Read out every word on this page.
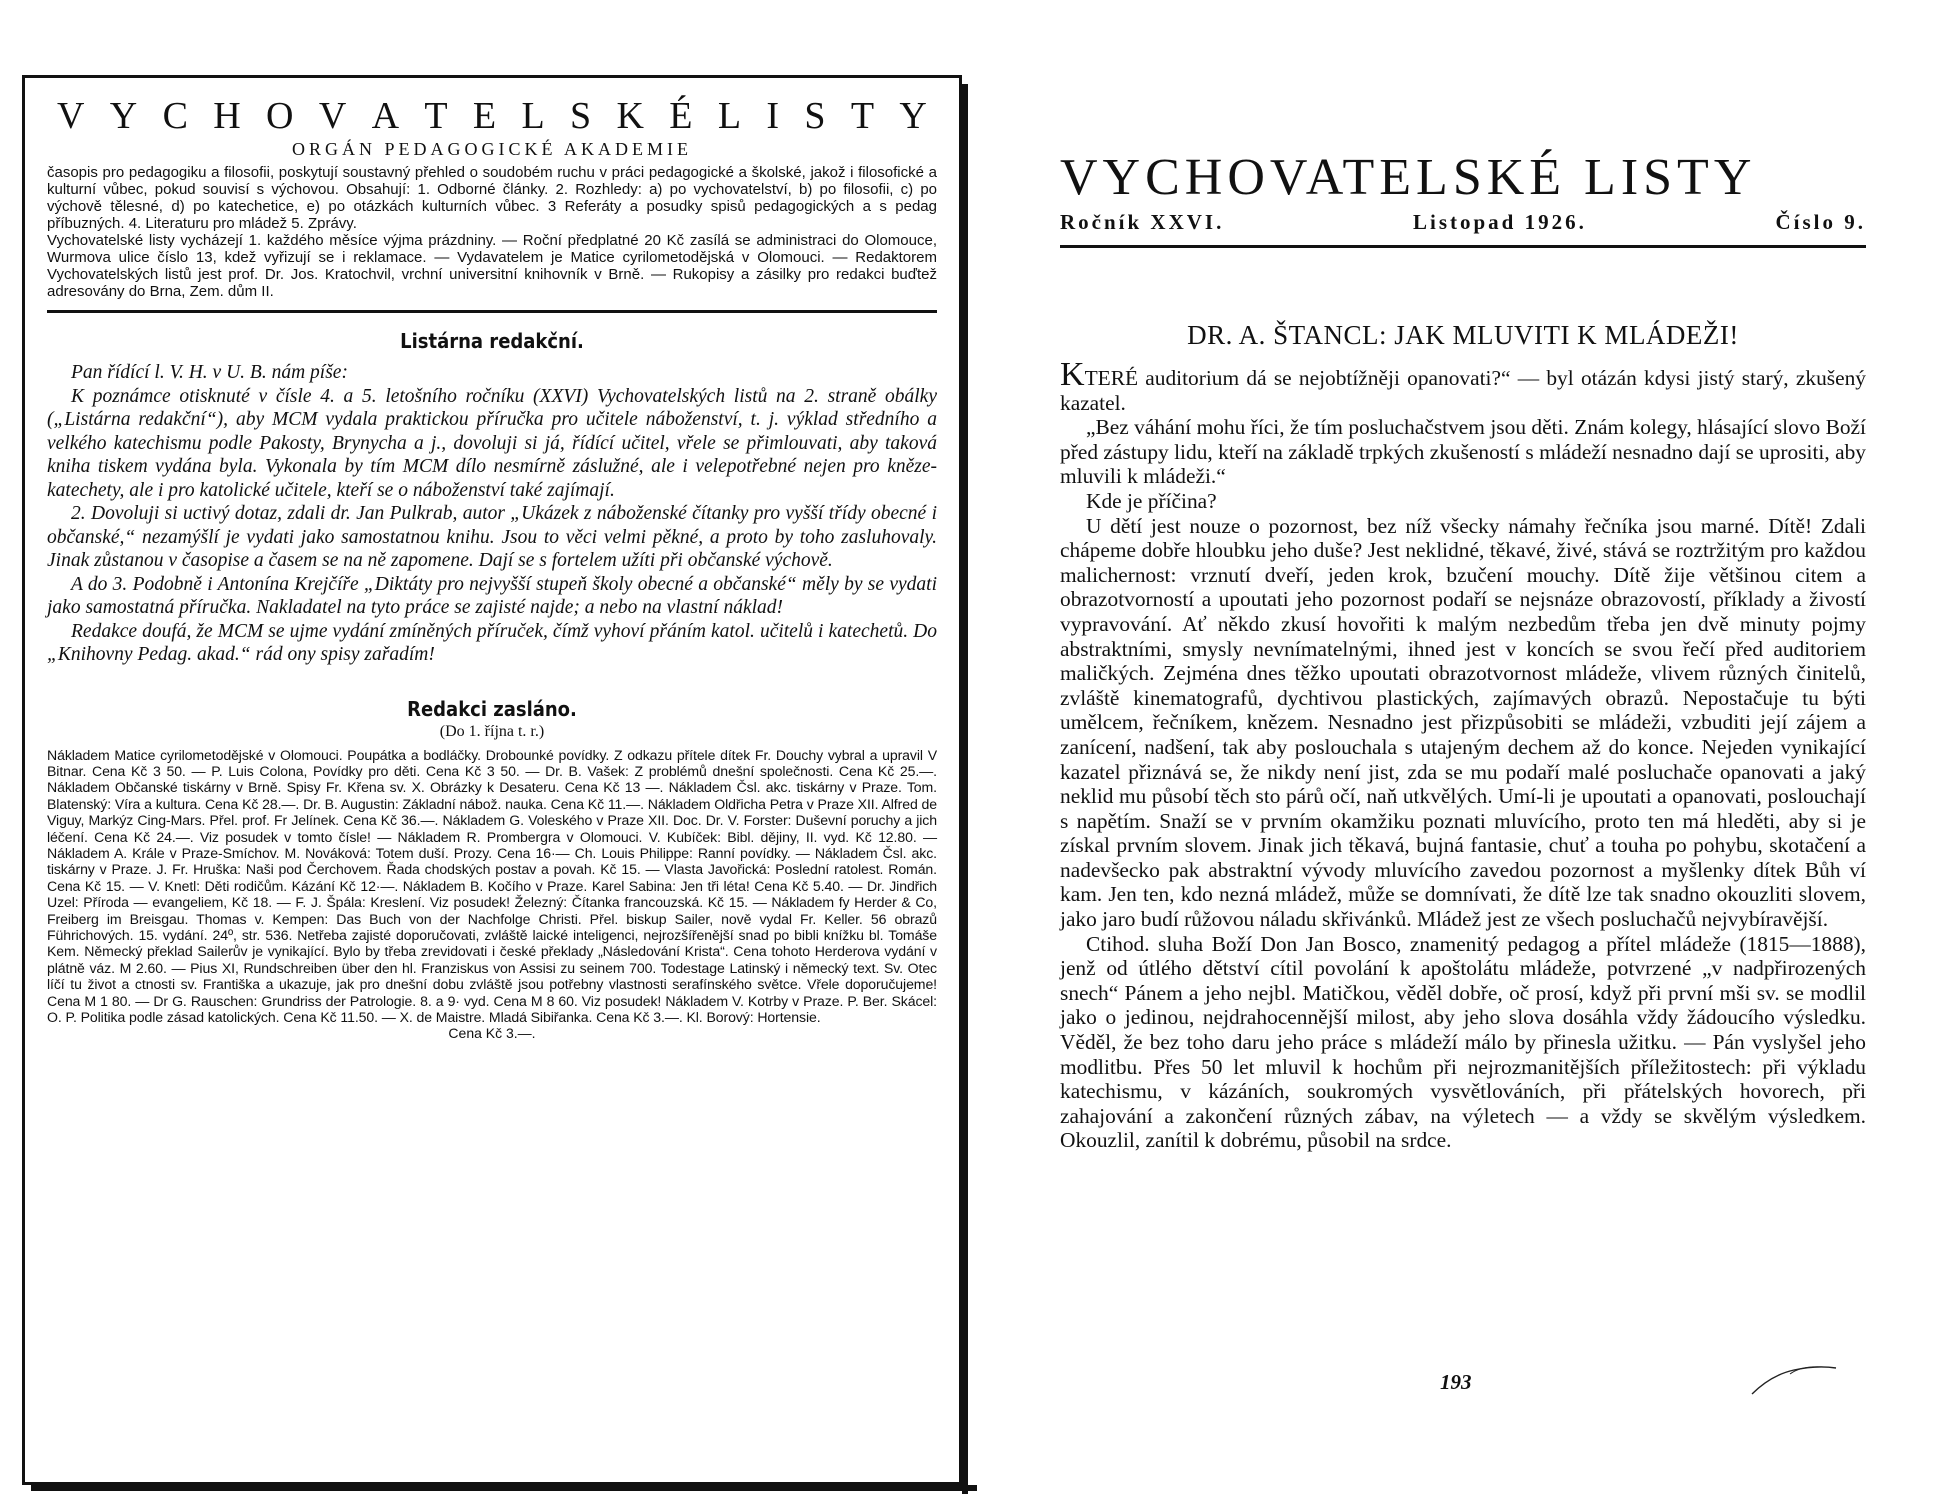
V Y C H O V A T E L S K É L I S T Y
ORGÁN PEDAGOGICKÉ AKADEMIE
časopis pro pedagogiku a filosofii, poskytují soustavný přehled o soudobém ruchu v práci pedagogické a školské, jakož i filosofické a kulturní vůbec, pokud souvisí s výchovou. Obsahují: 1. Odborné články. 2. Rozhledy: a) po vychovatelství, b) po filosofii, c) po výchově tělesné, d) po katechetice, e) po otázkách kulturních vůbec. 3 Referáty a posudky spisů pedagogických a s pedag příbuzných. 4. Literaturu pro mládež 5. Zprávy.
Vychovatelské listy vycházejí 1. každého měsíce výjma prázdniny. — Roční předplatné 20 Kč zasílá se administraci do Olomouce, Wurmova ulice číslo 13, kdež vyřizují se i reklamace. — Vydavatelem je Matice cyrilometodějská v Olomouci. — Redaktorem Vychovatelských listů jest prof. Dr. Jos. Kratochvil, vrchní universitní knihovník v Brně. — Rukopisy a zásilky pro redakci buďtež adresovány do Brna, Zem. dům II.
Listárna redakční.

Pan řídící l. V. H. v U. B. nám píše:

K poznámce otisknuté v čísle 4. a 5. letošního ročníku (XXVI) Vychovatelských listů na 2. straně obálky („Listárna redakční“), aby MCM vydala praktickou příručka pro učitele náboženství, t. j. výklad středního a velkého katechismu podle Pakosty, Brynycha a j., dovoluji si já, řídící učitel, vřele se přimlouvati, aby taková kniha tiskem vydána byla. Vykonala by tím MCM dílo nesmírně záslužné, ale i velepotřebné nejen pro kněze-katechety, ale i pro katolické učitele, kteří se o náboženství také zajímají.

2. Dovoluji si uctivý dotaz, zdali dr. Jan Pulkrab, autor „Ukázek z náboženské čítanky pro vyšší třídy obecné i občanské,“ nezamýšlí je vydati jako samostatnou knihu. Jsou to věci velmi pěkné, a proto by toho zasluhovaly. Jinak zůstanou v časopise a časem se na ně zapomene. Dají se s fortelem užíti při občanské výchově.

A do 3. Podobně i Antonína Krejčíře „Diktáty pro nejvyšší stupeň školy obecné a občanské“ měly by se vydati jako samostatná příručka. Nakladatel na tyto práce se zajisté najde; a nebo na vlastní náklad!

Redakce doufá, že MCM se ujme vydání zmíněných příruček, čímž vyhoví přáním katol. učitelů i katechetů. Do „Knihovny Pedag. akad.“ rád ony spisy zařadím!

Redakci zasláno.
(Do 1. října t. r.)
Nákladem Matice cyrilometodějské v Olomouci. Poupátka a bodláčky. Drobounké povídky. Z odkazu přítele dítek Fr. Douchy vybral a upravil V Bitnar. Cena Kč 3 50. — P. Luis Colona, Povídky pro děti. Cena Kč 3 50. — Dr. B. Vašek: Z problémů dnešní společnosti. Cena Kč 25.—. Nákladem Občanské tiskárny v Brně. Spisy Fr. Křena sv. X. Obrázky k Desateru. Cena Kč 13 —. Nákladem Čsl. akc. tiskárny v Praze. Tom. Blatenský: Víra a kultura. Cena Kč 28.—. Dr. B. Augustin: Základní nábož. nauka. Cena Kč 11.—. Nákladem Oldřicha Petra v Praze XII. Alfred de Viguy, Markýz Cing-Mars. Přel. prof. Fr Jelínek. Cena Kč 36.—. Nákladem G. Voleského v Praze XII. Doc. Dr. V. Forster: Duševní poruchy a jich léčení. Cena Kč 24.—. Viz posudek v tomto čísle! — Nákladem R. Prombergra v Olomouci. V. Kubíček: Bibl. dějiny, II. vyd. Kč 12.80. — Nákladem A. Krále v Praze-Smíchov. M. Nováková: Totem duší. Prozy. Cena 16·— Ch. Louis Philippe: Ranní povídky. — Nákladem Čsl. akc. tiskárny v Praze. J. Fr. Hruška: Naši pod Čerchovem. Řada chodských postav a povah. Kč 15. — Vlasta Javořická: Poslední ratolest. Román. Cena Kč 15. — V. Knetl: Děti rodičům. Kázání Kč 12·—. Nákladem B. Kočího v Praze. Karel Sabina: Jen tři léta! Cena Kč 5.40. — Dr. Jindřich Uzel: Příroda — evangeliem, Kč 18. — F. J. Špála: Kreslení. Viz posudek! Železný: Čítanka francouzská. Kč 15. — Nákladem fy Herder & Co, Freiberg im Breisgau. Thomas v. Kempen: Das Buch von der Nachfolge Christi. Přel. biskup Sailer, nově vydal Fr. Keller. 56 obrazů Führichových. 15. vydání. 24º, str. 536. Netřeba zajisté doporučovati, zvláště laické inteligenci, nejrozšířenější snad po bibli knížku bl. Tomáše Kem. Německý překlad Sailerův je vynikající. Bylo by třeba zrevidovati i české překlady „Následování Krista“. Cena tohoto Herderova vydání v plátně váz. M 2.60. — Pius XI, Rundschreiben über den hl. Franziskus von Assisi zu seinem 700. Todestage Latinský i německý text. Sv. Otec líčí tu život a ctnosti sv. Františka a ukazuje, jak pro dnešní dobu zvláště jsou potřebny vlastnosti serafínského světce. Vřele doporučujeme! Cena M 1 80. — Dr G. Rauschen: Grundriss der Patrologie. 8. a 9· vyd. Cena M 8 60. Viz posudek! Nákladem V. Kotrby v Praze. P. Ber. Skácel: O. P. Politika podle zásad katolických. Cena Kč 11.50. — X. de Maistre. Mladá Sibiřanka. Cena Kč 3.—. Kl. Borový: Hortensie.
Cena Kč 3.—.
VYCHOVATELSKÉ LISTY
Ročník XXVI.	Listopad 1926.	Číslo 9.
DR. A. ŠTANCL: JAK MLUVITI K MLÁDEŽI!

KTERÉ auditorium dá se nejobtížněji opanovati?“ — byl otázán kdysi jistý starý, zkušený kazatel.

„Bez váhání mohu říci, že tím posluchačstvem jsou děti. Znám kolegy, hlásající slovo Boží před zástupy lidu, kteří na základě trpkých zkušeností s mládeží nesnadno dají se uprositi, aby mluvili k mládeži.“

Kde je příčina?

U dětí jest nouze o pozornost, bez níž všecky námahy řečníka jsou marné. Dítě! Zdali chápeme dobře hloubku jeho duše? Jest neklidné, těkavé, živé, stává se roztržitým pro každou malichernost: vrznutí dveří, jeden krok, bzučení mouchy. Dítě žije většinou citem a obrazotvorností a upoutati jeho pozornost podaří se nejsnáze obrazovostí, příklady a živostí vypravování. Ať někdo zkusí hovořiti k malým nezbedům třeba jen dvě minuty pojmy abstraktními, smysly nevnímatelnými, ihned jest v koncích se svou řečí před auditoriem maličkých. Zejména dnes těžko upoutati obrazotvornost mládeže, vlivem různých činitelů, zvláště kinematografů, dychtivou plastických, zajímavých obrazů. Nepostačuje tu býti umělcem, řečníkem, knězem. Nesnadno jest přizpůsobiti se mládeži, vzbuditi její zájem a zanícení, nadšení, tak aby poslouchala s utajeným dechem až do konce. Nejeden vynikající kazatel přiznává se, že nikdy není jist, zda se mu podaří malé posluchače opanovati a jaký neklid mu působí těch sto párů očí, naň utkvělých. Umí-li je upoutati a opanovati, poslouchají s napětím. Snaží se v prvním okamžiku poznati mluvícího, proto ten má hleděti, aby si je získal prvním slovem. Jinak jich těkavá, bujná fantasie, chuť a touha po pohybu, skotačení a nadevšecko pak abstraktní vývody mluvícího zavedou pozornost a myšlenky dítek Bůh ví kam. Jen ten, kdo nezná mládež, může se domnívati, že dítě lze tak snadno okouzliti slovem, jako jaro budí růžovou náladu skřivánků. Mládež jest ze všech posluchačů nejvybíravější.

Ctihod. sluha Boží Don Jan Bosco, znamenitý pedagog a přítel mládeže (1815—1888), jenž od útlého dětství cítil povolání k apoštolátu mládeže, potvrzené „v nadpřirozených snech“ Pánem a jeho nejbl. Matičkou, věděl dobře, oč prosí, když při první mši sv. se modlil jako o jedinou, nejdrahocennější milost, aby jeho slova dosáhla vždy žádoucího výsledku. Věděl, že bez toho daru jeho práce s mládeží málo by přinesla užitku. — Pán vyslyšel jeho modlitbu. Přes 50 let mluvil k hochům při nejrozmanitějších příležitostech: při výkladu katechismu, v kázáních, soukromých vysvětlováních, při přátelských hovorech, při zahajování a zakončení různých zábav, na výletech — a vždy se skvělým výsledkem. Okouzlil, zanítil k dobrému, působil na srdce.

193
